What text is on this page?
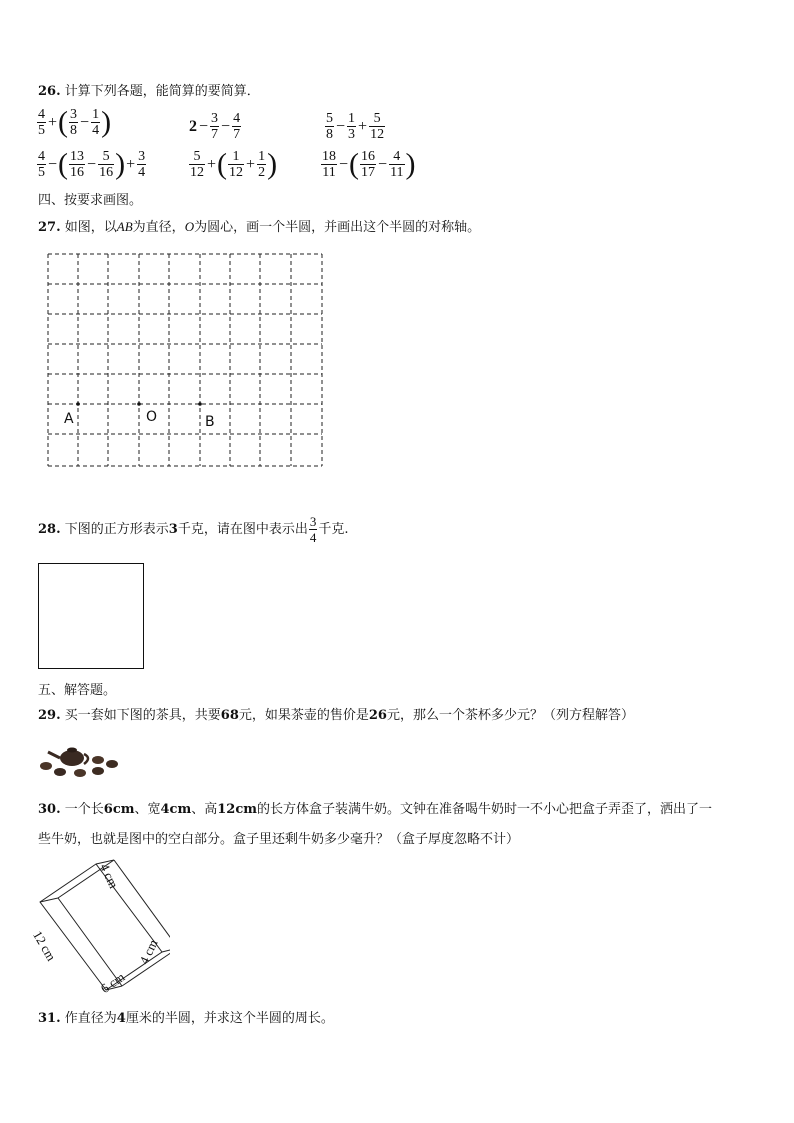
26. 计算下列各题，能简算的要简算．
$\frac{4}{5}$ +( $\frac{3}{8} - \frac{1}{4}$ )	$2 - \frac{3}{7} - \frac{4}{7}$	$\frac{5}{8} - \frac{1}{3} + \frac{5}{12}$
$\frac{4}{5}$ −( $\frac{13}{16} - \frac{5}{16}$ )+ $\frac{3}{4}$	$\frac{5}{12}$ +( $\frac{1}{12} + \frac{1}{2}$ )	$\frac{18}{11}$ −( $\frac{16}{17} - \frac{4}{11}$ )
四、按要求画图。
27. 如图，以AB为直径，O为圆心，画一个半圆，并画出这个半圆的对称轴。
A	O	B
28. 下图的正方形表示3千克，请在图中表示出 $\frac{3}{4}$ 千克.
五、解答题。
29. 买一套如下图的茶具，共要68元，如果茶壶的售价是26元，那么一个茶杯多少元？（列方程解答）
30. 一个长6cm、宽4cm、高12cm的长方体盒子装满牛奶。文钟在准备喝牛奶时一不小心把盒子弄歪了，洒出了一
些牛奶，也就是图中的空白部分。盒子里还剩牛奶多少毫升？（盒子厚度忽略不计）
4 cm
12 cm
6 cm
4 cm
31. 作直径为4厘米的半圆，并求这个半圆的周长。
